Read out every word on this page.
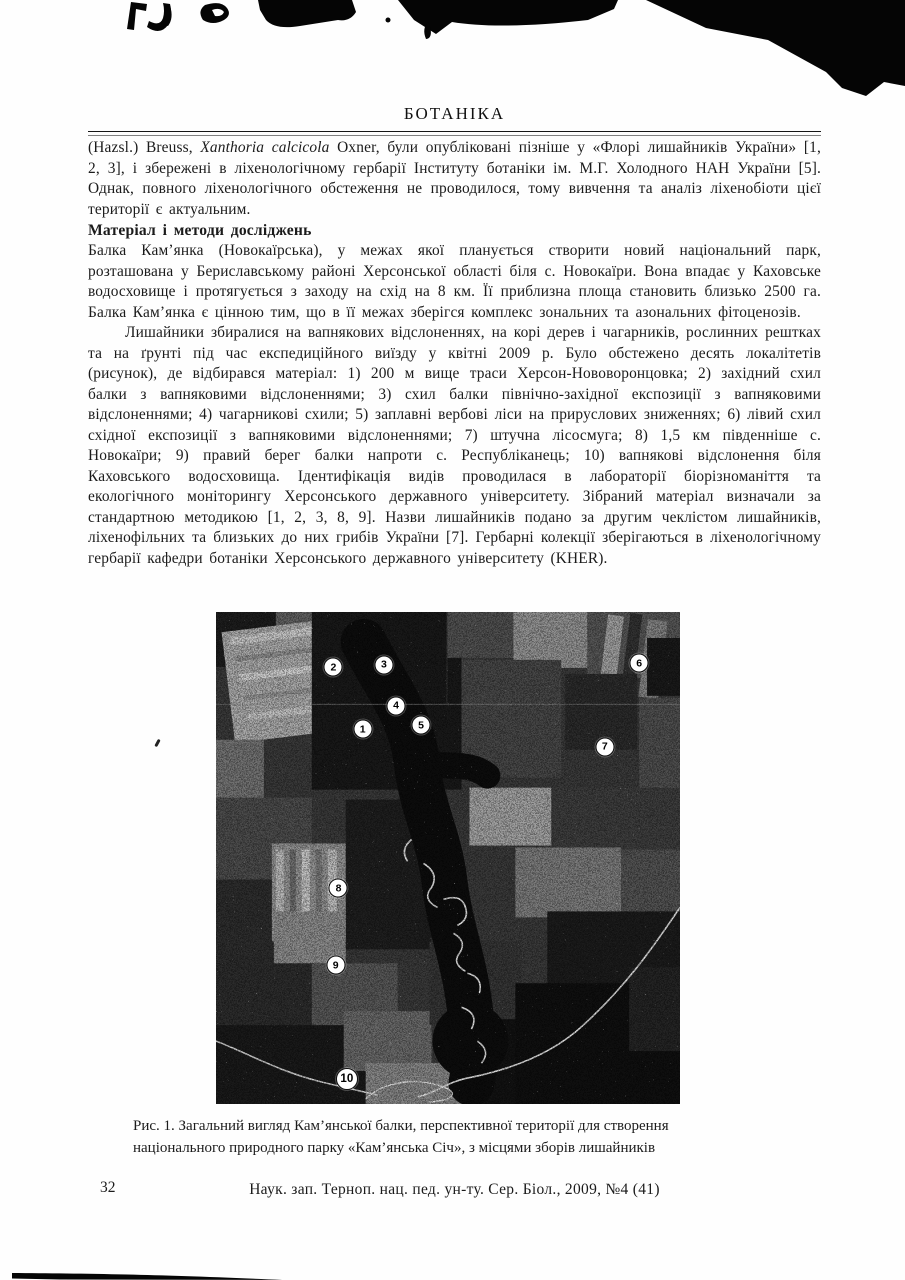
БОТАНІКА

(Hazsl.) Breuss, Xanthoria calcicola Oxner, були опубліковані пізніше у «Флорі лишайників України» [1, 2, 3], і збережені в ліхенологічному гербарії Інституту ботаніки ім. М.Г. Холодного НАН України [5]. Однак, повного ліхенологічного обстеження не проводилося, тому вивчення та аналіз ліхенобіоти цієї території є актуальним.

Матеріал і методи досліджень

Балка Кам’янка (Новокаїрська), у межах якої планується створити новий національний парк, розташована у Бериславському районі Херсонської області біля с. Новокаїри. Вона впадає у Каховське водосховище і протягується з заходу на схід на 8 км. Її приблизна площа становить близько 2500 га. Балка Кам’янка є цінною тим, що в її межах зберігся комплекс зональних та азональних фітоценозів.

Лишайники збиралися на вапнякових відслоненнях, на корі дерев і чагарників, рослинних рештках та на ґрунті під час експедиційного виїзду у квітні 2009 р. Було обстежено десять локалітетів (рисунок), де відбирався матеріал: 1) 200 м вище траси Херсон-Нововоронцовка; 2) західний схил балки з вапняковими відслоненнями; 3) схил балки північно-західної експозиції з вапняковими відслоненнями; 4) чагарникові схили; 5) заплавні вербові ліси на прируслових зниженнях; 6) лівий схил східної експозиції з вапняковими відслоненнями; 7) штучна лісосмуга; 8) 1,5 км південніше с. Новокаїри; 9) правий берег балки напроти с. Республіканець; 10) вапнякові відслонення біля Каховського водосховища. Ідентифікація видів проводилася в лабораторії біорізноманіття та екологічного моніторингу Херсонського державного університету. Зібраний матеріал визначали за стандартною методикою [1, 2, 3, 8, 9]. Назви лишайників подано за другим чеклістом лишайників, ліхенофільних та близьких до них грибів України [7]. Гербарні колекції зберігаються в ліхенологічному гербарії кафедри ботаніки Херсонського державного університету (KHER).

1
2	3
4
5
6
7
8
9
10
Рис. 1. Загальний вигляд Кам’янської балки, перспективної території для створення національного природного парку «Кам’янська Січ», з місцями зборів лишайників
32	Наук. зап. Терноп. нац. пед. ун-ту. Сер. Біол., 2009, №4 (41)
